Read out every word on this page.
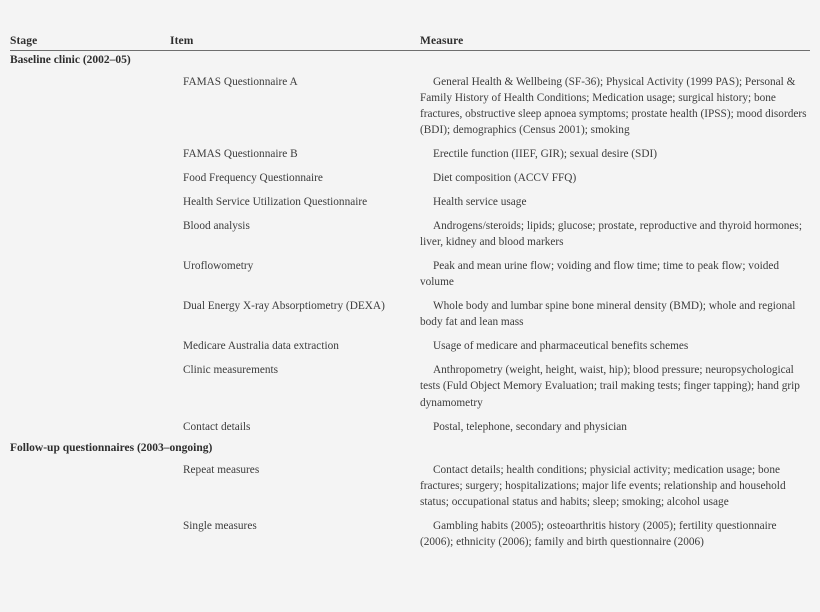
Stage	Item	Measure
Baseline clinic (2002–05)		
	FAMAS Questionnaire A	General Health & Wellbeing (SF-36); Physical Activity (1999 PAS); Personal & Family History of Health Conditions; Medication usage; surgical history; bone fractures, obstructive sleep apnoea symptoms; prostate health (IPSS); mood disorders (BDI); demographics (Census 2001); smoking
	FAMAS Questionnaire B	Erectile function (IIEF, GIR); sexual desire (SDI)
	Food Frequency Questionnaire	Diet composition (ACCV FFQ)
	Health Service Utilization Questionnaire	Health service usage
	Blood analysis	Androgens/steroids; lipids; glucose; prostate, reproductive and thyroid hormones; liver, kidney and blood markers
	Uroflowometry	Peak and mean urine flow; voiding and flow time; time to peak flow; voided volume
	Dual Energy X-ray Absorptiometry (DEXA)	Whole body and lumbar spine bone mineral density (BMD); whole and regional body fat and lean mass
	Medicare Australia data extraction	Usage of medicare and pharmaceutical benefits schemes
	Clinic measurements	Anthropometry (weight, height, waist, hip); blood pressure; neuropsychological tests (Fuld Object Memory Evaluation; trail making tests; finger tapping); hand grip dynamometry
	Contact details	Postal, telephone, secondary and physician
Follow-up questionnaires (2003–ongoing)		
	Repeat measures	Contact details; health conditions; physicial activity; medication usage; bone fractures; surgery; hospitalizations; major life events; relationship and household status; occupational status and habits; sleep; smoking; alcohol usage
	Single measures	Gambling habits (2005); osteoarthritis history (2005); fertility questionnaire (2006); ethnicity (2006); family and birth questionnaire (2006)
